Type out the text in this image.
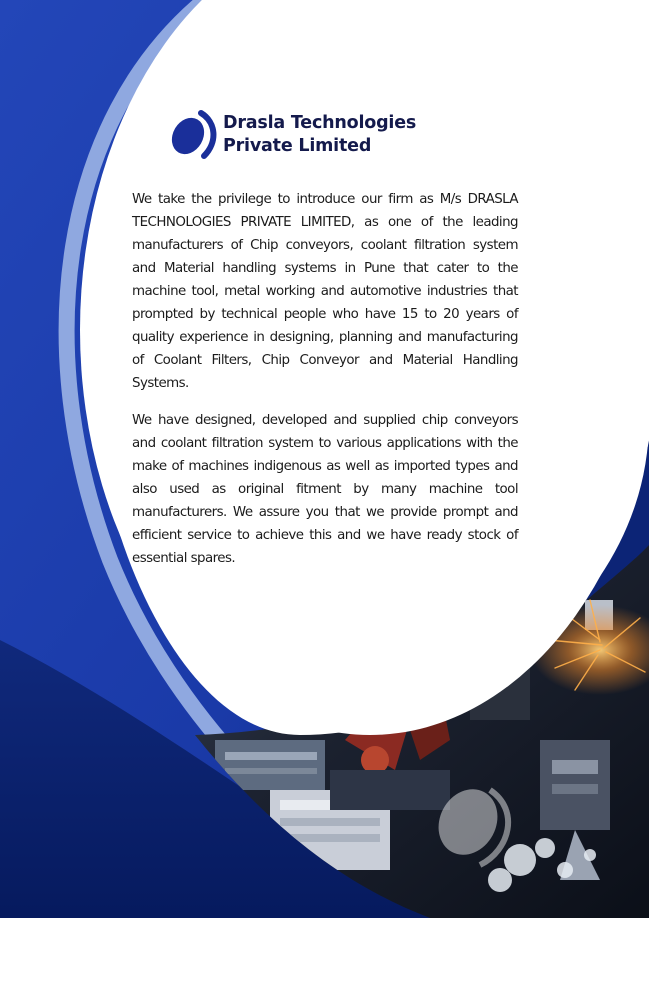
Drasla Technologies
Private Limited

We take the privilege to introduce our firm as M/s DRASLA TECHNOLOGIES PRIVATE LIMITED, as one of the leading manufacturers of Chip conveyors, coolant filtration system and Material handling systems in Pune that cater to the machine tool, metal working and automotive industries that prompted by technical people who have 15 to 20 years of quality experience in designing, planning and manufacturing of Coolant Filters, Chip Conveyor and Material Handling Systems.

We have designed, developed and supplied chip conveyors and coolant filtration system to various applications with the make of machines indigenous as well as imported types and also used as original fitment by many machine tool manufacturers. We assure you that we provide prompt and efficient service to achieve this and we have ready stock of essential spares.
